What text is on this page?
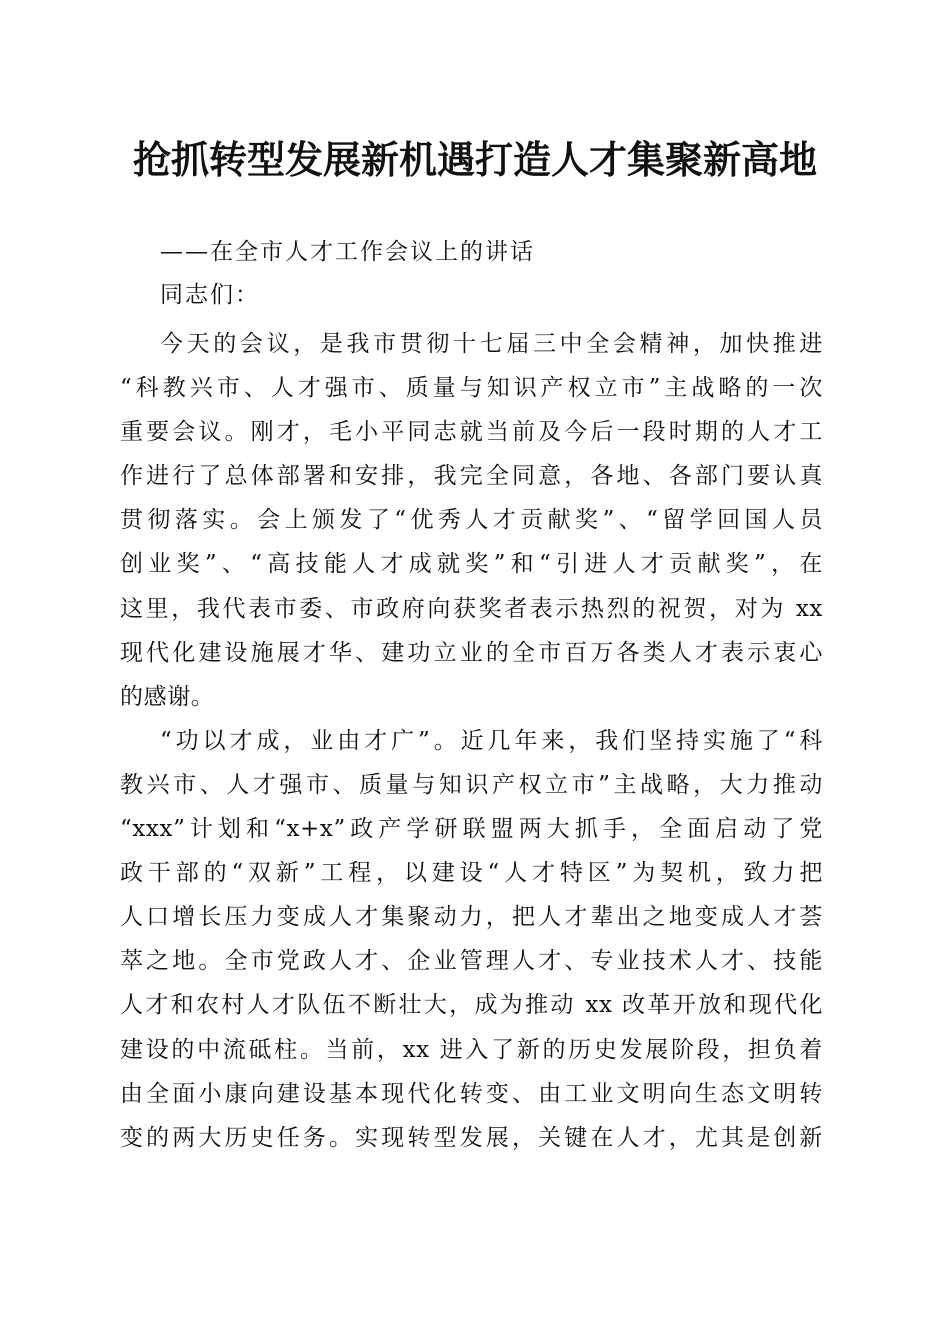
抢抓转型发展新机遇打造人才集聚新高地
——在全市人才工作会议上的讲话
同志们：
今天的会议，是我市贯彻十七届三中全会精神，加快推进
“科教兴市、人才强市、质量与知识产权立市”主战略的一次
重要会议。刚才，毛小平同志就当前及今后一段时期的人才工
作进行了总体部署和安排，我完全同意，各地、各部门要认真
贯彻落实。会上颁发了“优秀人才贡献奖”、“留学回国人员
创业奖”、“高技能人才成就奖”和“引进人才贡献奖”，在
这里，我代表市委、市政府向获奖者表示热烈的祝贺，对为 xx
现代化建设施展才华、建功立业的全市百万各类人才表示衷心
的感谢。
“功以才成，业由才广”。近几年来，我们坚持实施了“科
教兴市、人才强市、质量与知识产权立市”主战略，大力推动
“xxx”计划和“x+x”政产学研联盟两大抓手，全面启动了党
政干部的“双新”工程，以建设“人才特区”为契机，致力把
人口增长压力变成人才集聚动力，把人才辈出之地变成人才荟
萃之地。全市党政人才、企业管理人才、专业技术人才、技能
人才和农村人才队伍不断壮大，成为推动 xx 改革开放和现代化
建设的中流砥柱。当前，xx 进入了新的历史发展阶段，担负着
由全面小康向建设基本现代化转变、由工业文明向生态文明转
变的两大历史任务。实现转型发展，关键在人才，尤其是创新
